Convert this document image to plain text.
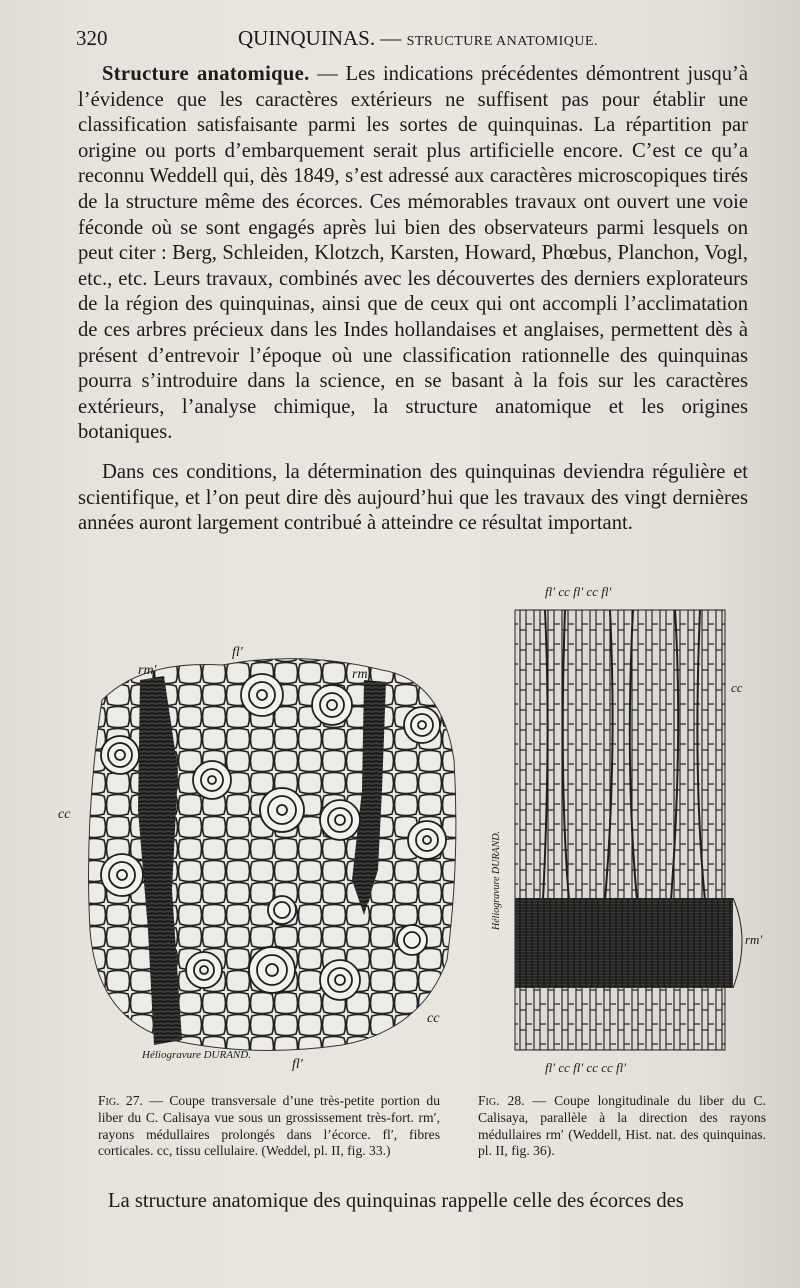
320	QUINQUINAS. — STRUCTURE ANATOMIQUE.

Structure anatomique. — Les indications précédentes démontrent jusqu’à l’évidence que les caractères extérieurs ne suffisent pas pour établir une classification satisfaisante parmi les sortes de quinquinas. La répartition par origine ou ports d’embarquement serait plus artificielle encore. C’est ce qu’a reconnu Weddell qui, dès 1849, s’est adressé aux caractères microscopiques tirés de la structure même des écorces. Ces mémorables travaux ont ouvert une voie féconde où se sont engagés après lui bien des observateurs parmi lesquels on peut citer : Berg, Schleiden, Klotzch, Karsten, Howard, Phœbus, Planchon, Vogl, etc., etc. Leurs travaux, combinés avec les découvertes des derniers explorateurs de la région des quinquinas, ainsi que de ceux qui ont accompli l’acclimatation de ces arbres précieux dans les Indes hollandaises et anglaises, permettent dès à présent d’entrevoir l’époque où une classification rationnelle des quinquinas pourra s’introduire dans la science, en se basant à la fois sur les caractères extérieurs, l’analyse chimique, la structure anatomique et les origines botaniques.

Dans ces conditions, la détermination des quinquinas deviendra régulière et scientifique, et l’on peut dire dès aujourd’hui que les travaux des vingt dernières années auront largement contribué à atteindre ce résultat important.

fl′
rm′	rm′
cc
cc
fl′
Héliogravure DURAND.
fl′ cc fl′ cc fl′
cc
rm′
fl′ cc fl′ cc cc fl′
Héliogravure DURAND.
Fig. 27. — Coupe transversale d’une très-petite portion du liber du C. Calisaya vue sous un grossissement très-fort. rm′, rayons médullaires prolongés dans l’écorce. fl′, fibres corticales. cc, tissu cellulaire. (Weddel, pl. II, fig. 33.)
Fig. 28. — Coupe longitudinale du liber du C. Calisaya, parallèle à la direction des rayons médullaires rm′ (Weddell, Hist. nat. des quinquinas. pl. II, fig. 36).
La structure anatomique des quinquinas rappelle celle des écorces des
